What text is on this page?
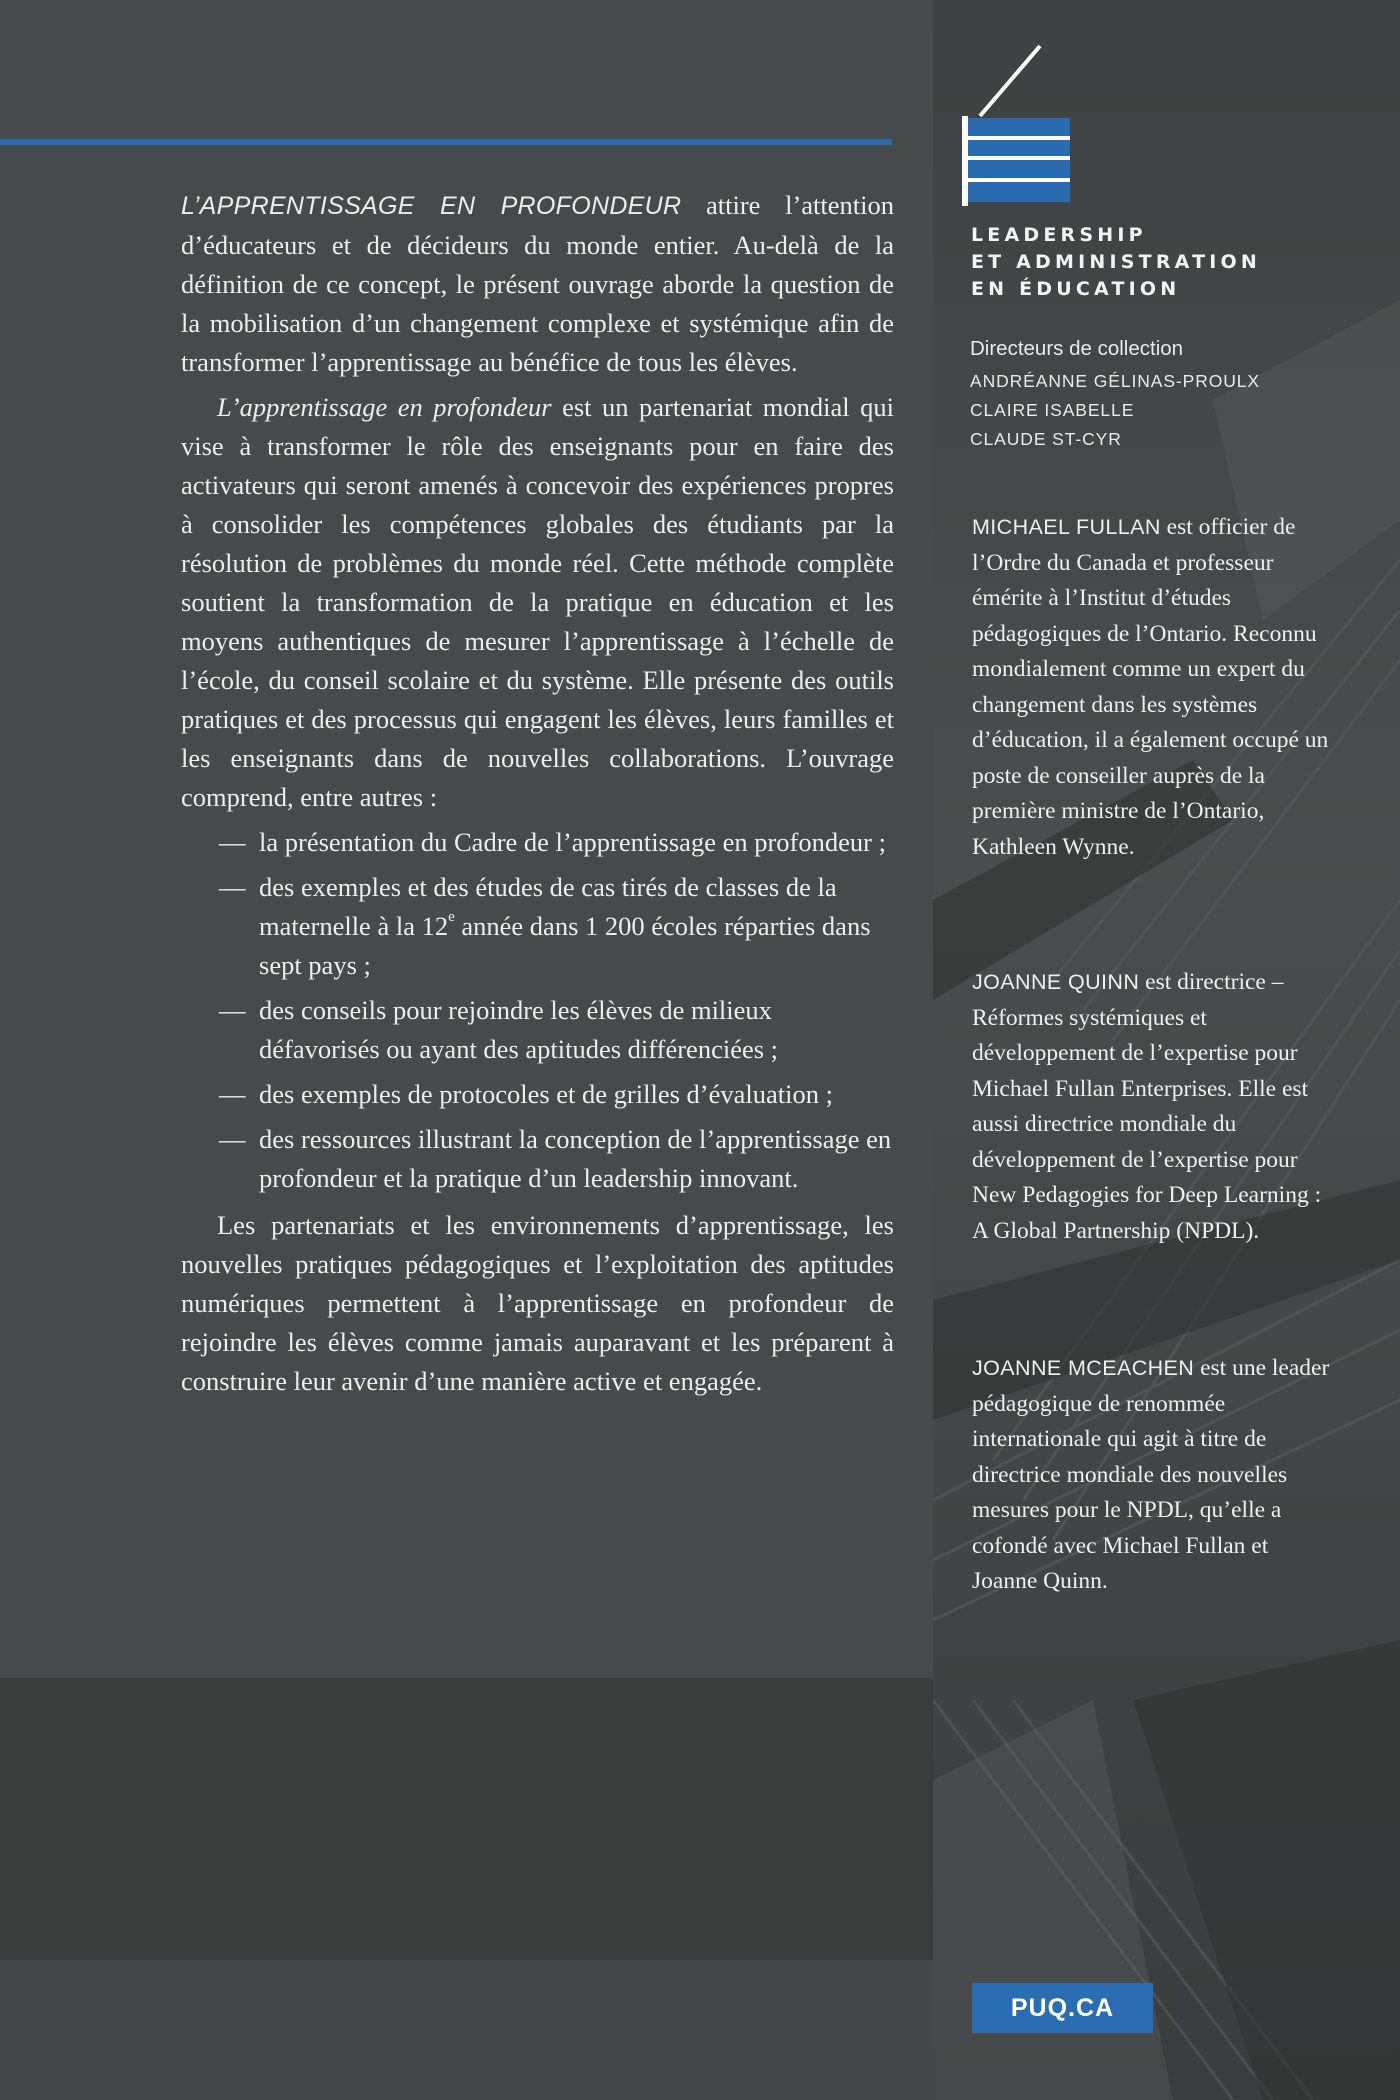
L’APPRENTISSAGE EN PROFONDEUR attire l’attention d’éducateurs et de décideurs du monde entier. Au-delà de la définition de ce concept, le présent ouvrage aborde la question de la mobilisation d’un changement complexe et systémique afin de transformer l’apprentissage au bénéfice de tous les élèves.

L’apprentissage en profondeur est un partenariat mondial qui vise à transformer le rôle des enseignants pour en faire des activateurs qui seront amenés à concevoir des expériences propres à consolider les compétences globales des étudiants par la résolution de problèmes du monde réel. Cette méthode complète soutient la transformation de la pratique en éducation et les moyens authentiques de mesurer l’apprentissage à l’échelle de l’école, du conseil scolaire et du système. Elle présente des outils pratiques et des processus qui engagent les élèves, leurs familles et les enseignants dans de nouvelles collaborations. L’ouvrage comprend, entre autres :

— la présentation du Cadre de l’apprentissage en profondeur ;
— des exemples et des études de cas tirés de classes de la maternelle à la 12e année dans 1 200 écoles réparties dans sept pays ;
— des conseils pour rejoindre les élèves de milieux défavorisés ou ayant des aptitudes différenciées ;
— des exemples de protocoles et de grilles d’évaluation ;
— des ressources illustrant la conception de l’apprentissage en profondeur et la pratique d’un leadership innovant.

Les partenariats et les environnements d’apprentissage, les nouvelles pratiques pédagogiques et l’exploitation des aptitudes numériques permettent à l’apprentissage en profondeur de rejoindre les élèves comme jamais auparavant et les préparent à construire leur avenir d’une manière active et engagée.

LEADERSHIP
ET ADMINISTRATION
EN ÉDUCATION
Directeurs de collection
ANDRÉANNE GÉLINAS-PROULX
CLAIRE ISABELLE
CLAUDE ST-CYR
MICHAEL FULLAN est officier de l’Ordre du Canada et professeur émérite à l’Institut d’études pédagogiques de l’Ontario. Reconnu mondialement comme un expert du changement dans les systèmes d’éducation, il a également occupé un poste de conseiller auprès de la première ministre de l’Ontario, Kathleen Wynne.
JOANNE QUINN est directrice – Réformes systémiques et développement de l’expertise pour Michael Fullan Enterprises. Elle est aussi directrice mondiale du développement de l’expertise pour New Pedagogies for Deep Learning : A Global Partnership (NPDL).
JOANNE MCEACHEN est une leader pédagogique de renommée internationale qui agit à titre de directrice mondiale des nouvelles mesures pour le NPDL, qu’elle a cofondé avec Michael Fullan et Joanne Quinn.
PUQ.CA
